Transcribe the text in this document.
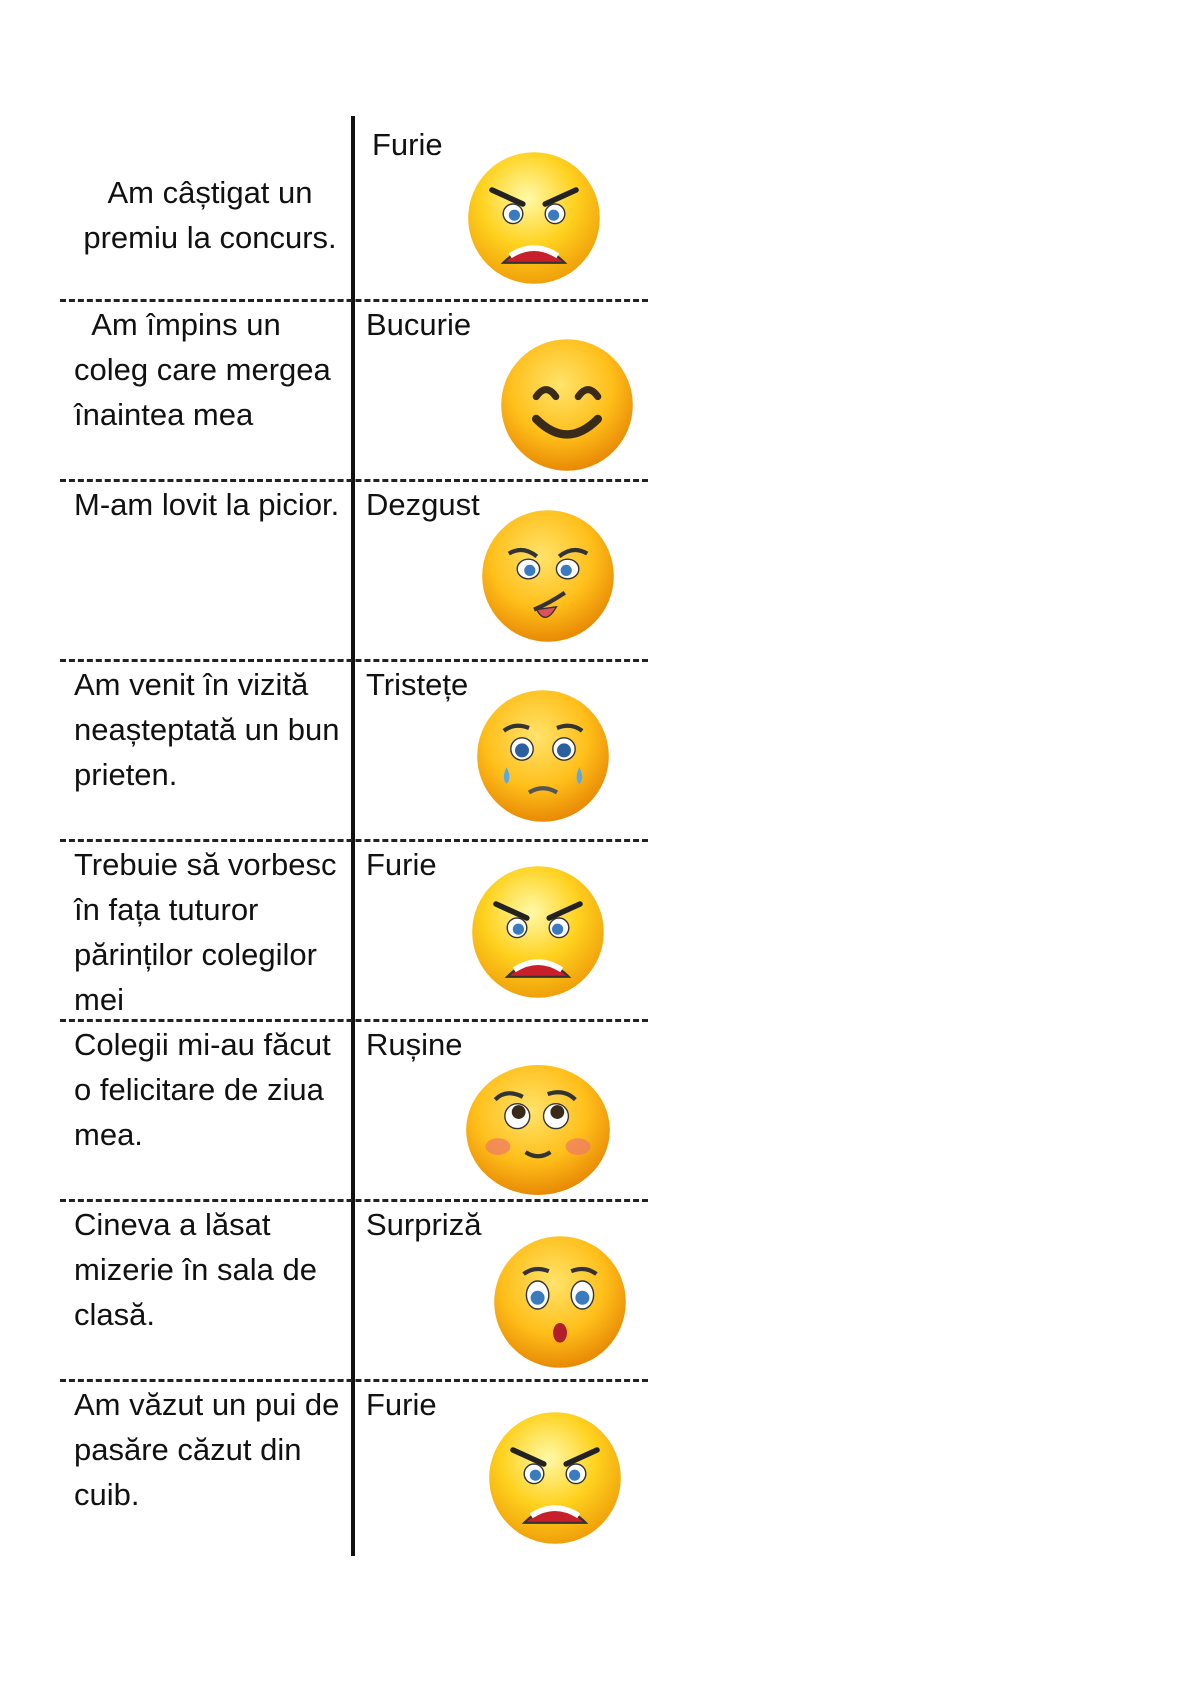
Am câștigat un premiu la concurs.
Furie
Am împins un coleg care mergea înaintea mea
Bucurie
M-am lovit la picior. Dezgust
Am venit în vizită neașteptată un bun prieten.
Tristețe
Trebuie să vorbesc în fața tuturor părinților colegilor mei
Furie
Colegii mi-au făcut o felicitare de ziua mea.
Rușine
Cineva a lăsat mizerie în sala de clasă.
Surpriză
Am văzut un pui de pasăre căzut din cuib.
Furie
